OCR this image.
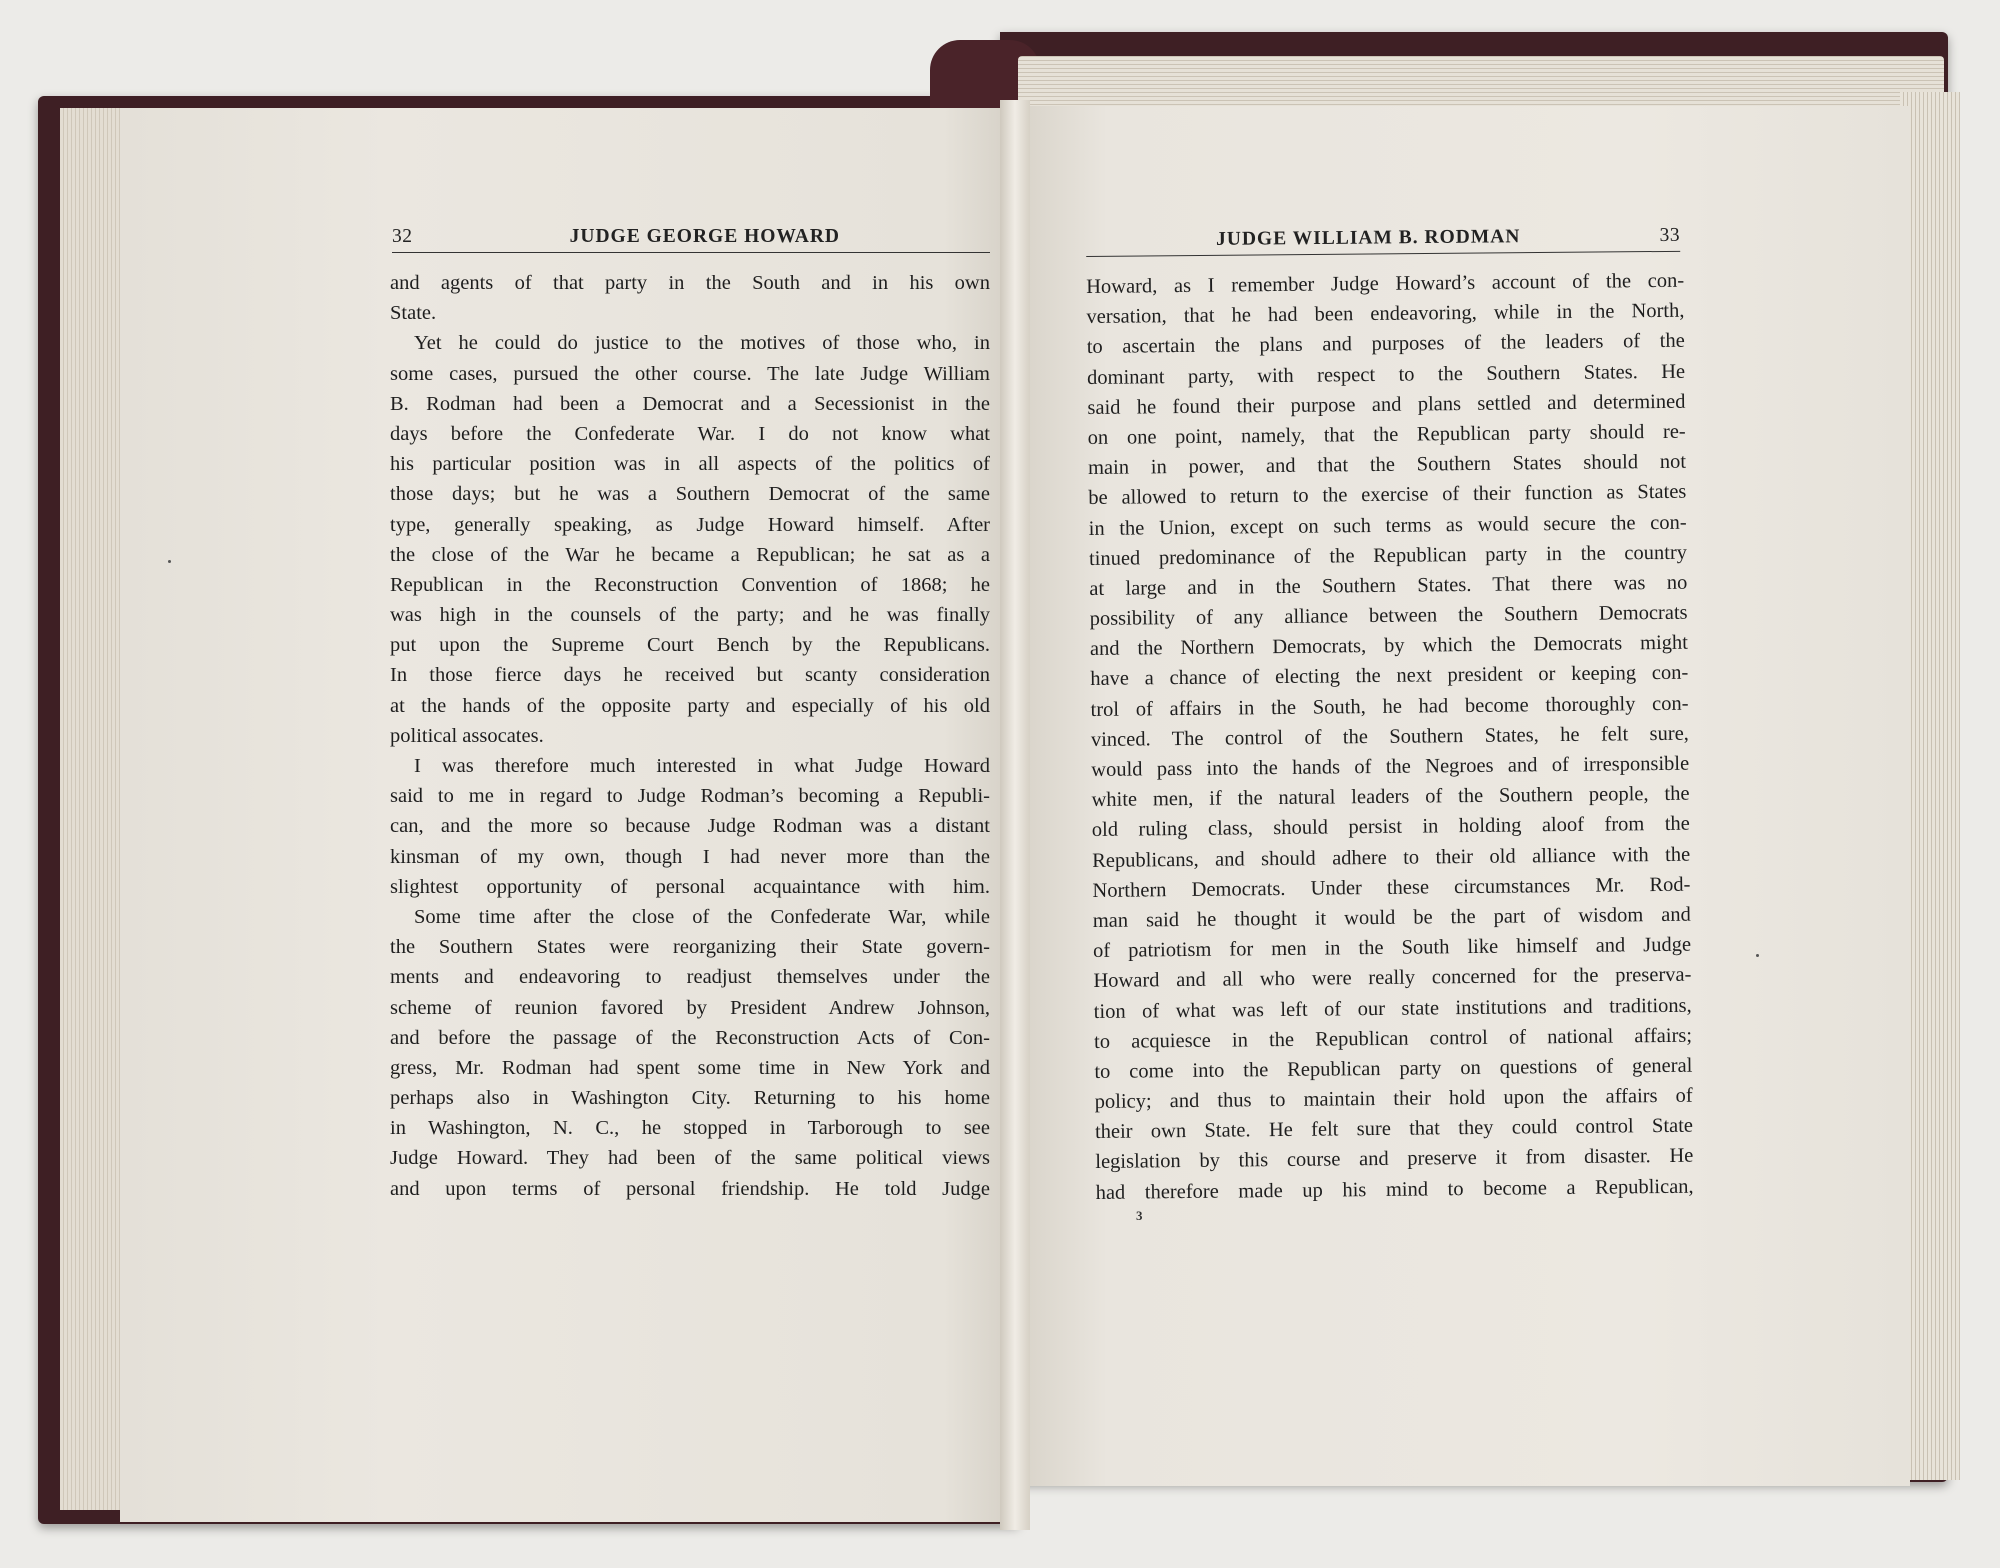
32	JUDGE GEORGE HOWARD	JUDGE WILLIAM B. RODMAN	33
and agents of that party in the South and in his own
State.
Yet he could do justice to the motives of those who, in
some cases, pursued the other course. The late Judge William
B. Rodman had been a Democrat and a Secessionist in the
days before the Confederate War. I do not know what
his particular position was in all aspects of the politics of
those days; but he was a Southern Democrat of the same
type, generally speaking, as Judge Howard himself. After
the close of the War he became a Republican; he sat as a
Republican in the Reconstruction Convention of 1868; he
was high in the counsels of the party; and he was finally
put upon the Supreme Court Bench by the Republicans.
In those fierce days he received but scanty consideration
at the hands of the opposite party and especially of his old
political assocates.
I was therefore much interested in what Judge Howard
said to me in regard to Judge Rodman’s becoming a Republi-
can, and the more so because Judge Rodman was a distant
kinsman of my own, though I had never more than the
slightest opportunity of personal acquaintance with him.
Some time after the close of the Confederate War, while
the Southern States were reorganizing their State govern-
ments and endeavoring to readjust themselves under the
scheme of reunion favored by President Andrew Johnson,
and before the passage of the Reconstruction Acts of Con-
gress, Mr. Rodman had spent some time in New York and
perhaps also in Washington City. Returning to his home
in Washington, N. C., he stopped in Tarborough to see
Judge Howard. They had been of the same political views
and upon terms of personal friendship. He told Judge
Howard, as I remember Judge Howard’s account of the con-
versation, that he had been endeavoring, while in the North,
to ascertain the plans and purposes of the leaders of the
dominant party, with respect to the Southern States. He
said he found their purpose and plans settled and determined
on one point, namely, that the Republican party should re-
main in power, and that the Southern States should not
be allowed to return to the exercise of their function as States
in the Union, except on such terms as would secure the con-
tinued predominance of the Republican party in the country
at large and in the Southern States. That there was no
possibility of any alliance between the Southern Democrats
and the Northern Democrats, by which the Democrats might
have a chance of electing the next president or keeping con-
trol of affairs in the South, he had become thoroughly con-
vinced. The control of the Southern States, he felt sure,
would pass into the hands of the Negroes and of irresponsible
white men, if the natural leaders of the Southern people, the
old ruling class, should persist in holding aloof from the
Republicans, and should adhere to their old alliance with the
Northern Democrats. Under these circumstances Mr. Rod-
man said he thought it would be the part of wisdom and
of patriotism for men in the South like himself and Judge
Howard and all who were really concerned for the preserva-
tion of what was left of our state institutions and traditions,
to acquiesce in the Republican control of national affairs;
to come into the Republican party on questions of general
policy; and thus to maintain their hold upon the affairs of
their own State. He felt sure that they could control State
legislation by this course and preserve it from disaster. He
had therefore made up his mind to become a Republican,
3
